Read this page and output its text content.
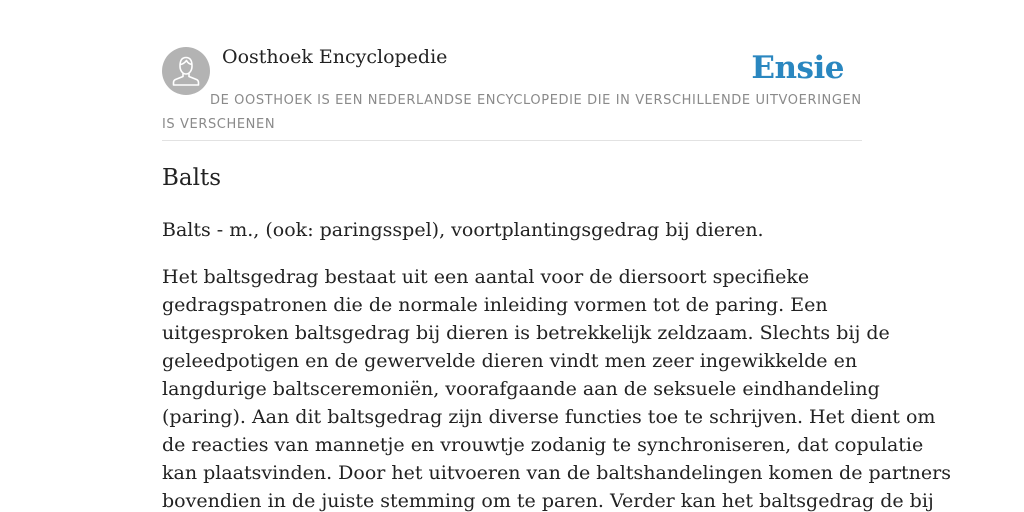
Oosthoek Encyclopedie	Ensie
DE OOSTHOEK IS EEN NEDERLANDSE ENCYCLOPEDIE DIE IN VERSCHILLENDE UITVOERINGEN IS VERSCHENEN
Balts

Balts - m., (ook: paringsspel), voortplantingsgedrag bij dieren.

Het baltsgedrag bestaat uit een aantal voor de diersoort specifieke
gedragspatronen die de normale inleiding vormen tot de paring. Een
uitgesproken baltsgedrag bij dieren is betrekkelijk zeldzaam. Slechts bij de
geleedpotigen en de gewervelde dieren vindt men zeer ingewikkelde en
langdurige baltsceremoniën, voorafgaande aan de seksuele eindhandeling
(paring). Aan dit baltsgedrag zijn diverse functies toe te schrijven. Het dient om
de reacties van mannetje en vrouwtje zodanig te synchroniseren, dat copulatie
kan plaatsvinden. Door het uitvoeren van de baltshandelingen komen de partners
bovendien in de juiste stemming om te paren. Verder kan het baltsgedrag de bij
